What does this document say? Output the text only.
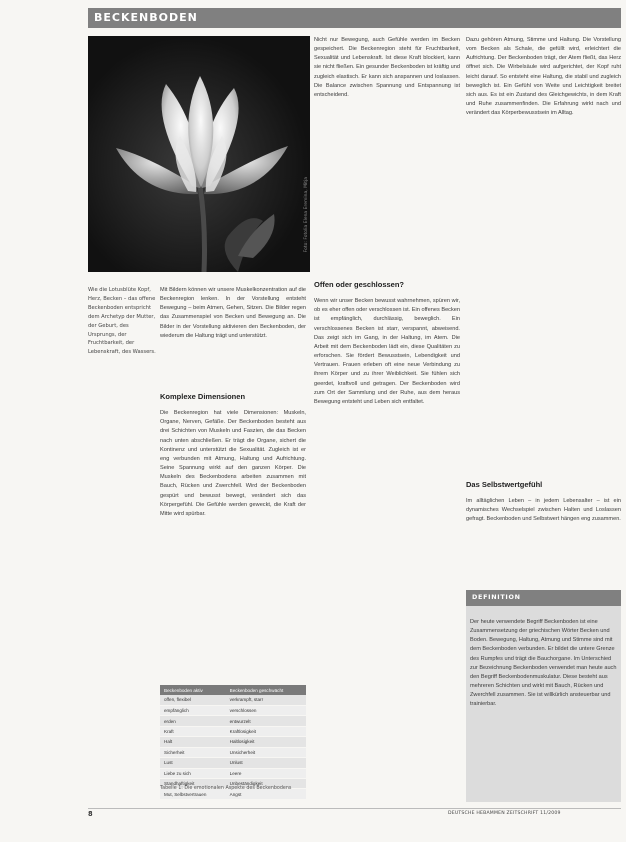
BECKENBODEN
Foto: Fotolia Elena Eremina, Mitja
Wie die Lotusblüte Kopf, Herz, Becken – das offene Beckenboden entspricht dem Archetyp der Mutter, der Geburt, des Ursprungs, der Fruchtbarkeit, der Lebenskraft, des Wassers.

Mit Bildern können wir unsere Muskelkonzentration auf die Beckenregion lenken. In der Vorstellung entsteht Bewegung – beim Atmen, Gehen, Sitzen. Die Bilder regen das Zusammenspiel von Becken und Bewegung an. Die Bilder in der Vorstellung aktivieren den Beckenboden, der wiederum die Haltung trägt und unterstützt.

Komplexe Dimensionen

Die Beckenregion hat viele Dimensionen: Muskeln, Organe, Nerven, Gefäße. Der Beckenboden besteht aus drei Schichten von Muskeln und Faszien, die das Becken nach unten abschließen. Er trägt die Organe, sichert die Kontinenz und unterstützt die Sexualität. Zugleich ist er eng verbunden mit Atmung, Haltung und Aufrichtung. Seine Spannung wirkt auf den ganzen Körper. Die Muskeln des Beckenbodens arbeiten zusammen mit Bauch, Rücken und Zwerchfell. Wird der Beckenboden gespürt und bewusst bewegt, verändert sich das Körpergefühl. Die Gefühle werden geweckt, die Kraft der Mitte wird spürbar.

Beckenboden aktiv	Beckenboden geschwächt
offen, flexibel	verkrampft, starr
empfänglich	verschlossen
erden	entwurzelt
Kraft	Kraftlosigkeit
Halt	Haltlosigkeit
Sicherheit	Unsicherheit
Lust	Unlust
Liebe zu sich	Leere
Standhaftigkeit	Unbeständigkeit
Mut, Selbstvertrauen	Angst
Tabelle 1: Die emotionalen Aspekte des Beckenbodens

Nicht nur Bewegung, auch Gefühle werden im Becken gespeichert. Die Beckenregion steht für Fruchtbarkeit, Sexualität und Lebenskraft. Ist diese Kraft blockiert, kann sie nicht fließen. Ein gesunder Beckenboden ist kräftig und zugleich elastisch. Er kann sich anspannen und loslassen. Die Balance zwischen Spannung und Entspannung ist entscheidend.

Offen oder geschlossen?

Wenn wir unser Becken bewusst wahrnehmen, spüren wir, ob es eher offen oder verschlossen ist. Ein offenes Becken ist empfänglich, durchlässig, beweglich. Ein verschlossenes Becken ist starr, verspannt, abweisend. Das zeigt sich im Gang, in der Haltung, im Atem. Die Arbeit mit dem Beckenboden lädt ein, diese Qualitäten zu erforschen. Sie fördert Bewusstsein, Lebendigkeit und Vertrauen. Frauen erleben oft eine neue Verbindung zu ihrem Körper und zu ihrer Weiblichkeit. Sie fühlen sich geerdet, kraftvoll und getragen. Der Beckenboden wird zum Ort der Sammlung und der Ruhe, aus dem heraus Bewegung entsteht und Leben sich entfaltet.

Dazu gehören Atmung, Stimme und Haltung. Die Vorstellung vom Becken als Schale, die gefüllt wird, erleichtert die Aufrichtung. Der Beckenboden trägt, der Atem fließt, das Herz öffnet sich. Die Wirbelsäule wird aufgerichtet, der Kopf ruht leicht darauf. So entsteht eine Haltung, die stabil und zugleich beweglich ist. Ein Gefühl von Weite und Leichtigkeit breitet sich aus. Es ist ein Zustand des Gleichgewichts, in dem Kraft und Ruhe zusammenfinden. Die Erfahrung wirkt nach und verändert das Körperbewusstsein im Alltag.

Das Selbstwertgefühl

Im alltäglichen Leben – in jedem Lebensalter – ist ein dynamisches Wechselspiel zwischen Halten und Loslassen gefragt. Beckenboden und Selbstwert hängen eng zusammen.

DEFINITION
Der heute verwendete Begriff Beckenboden ist eine Zusammensetzung der griechischen Wörter Becken und Boden. Bewegung, Haltung, Atmung und Stimme sind mit dem Beckenboden verbunden. Er bildet die untere Grenze des Rumpfes und trägt die Bauchorgane. Im Unterschied zur Bezeichnung Beckenboden verwendet man heute auch den Begriff Beckenbodenmuskulatur. Diese besteht aus mehreren Schichten und wirkt mit Bauch, Rücken und Zwerchfell zusammen. Sie ist willkürlich ansteuerbar und trainierbar.
8	DEUTSCHE HEBAMMEN ZEITSCHRIFT 11/2009
